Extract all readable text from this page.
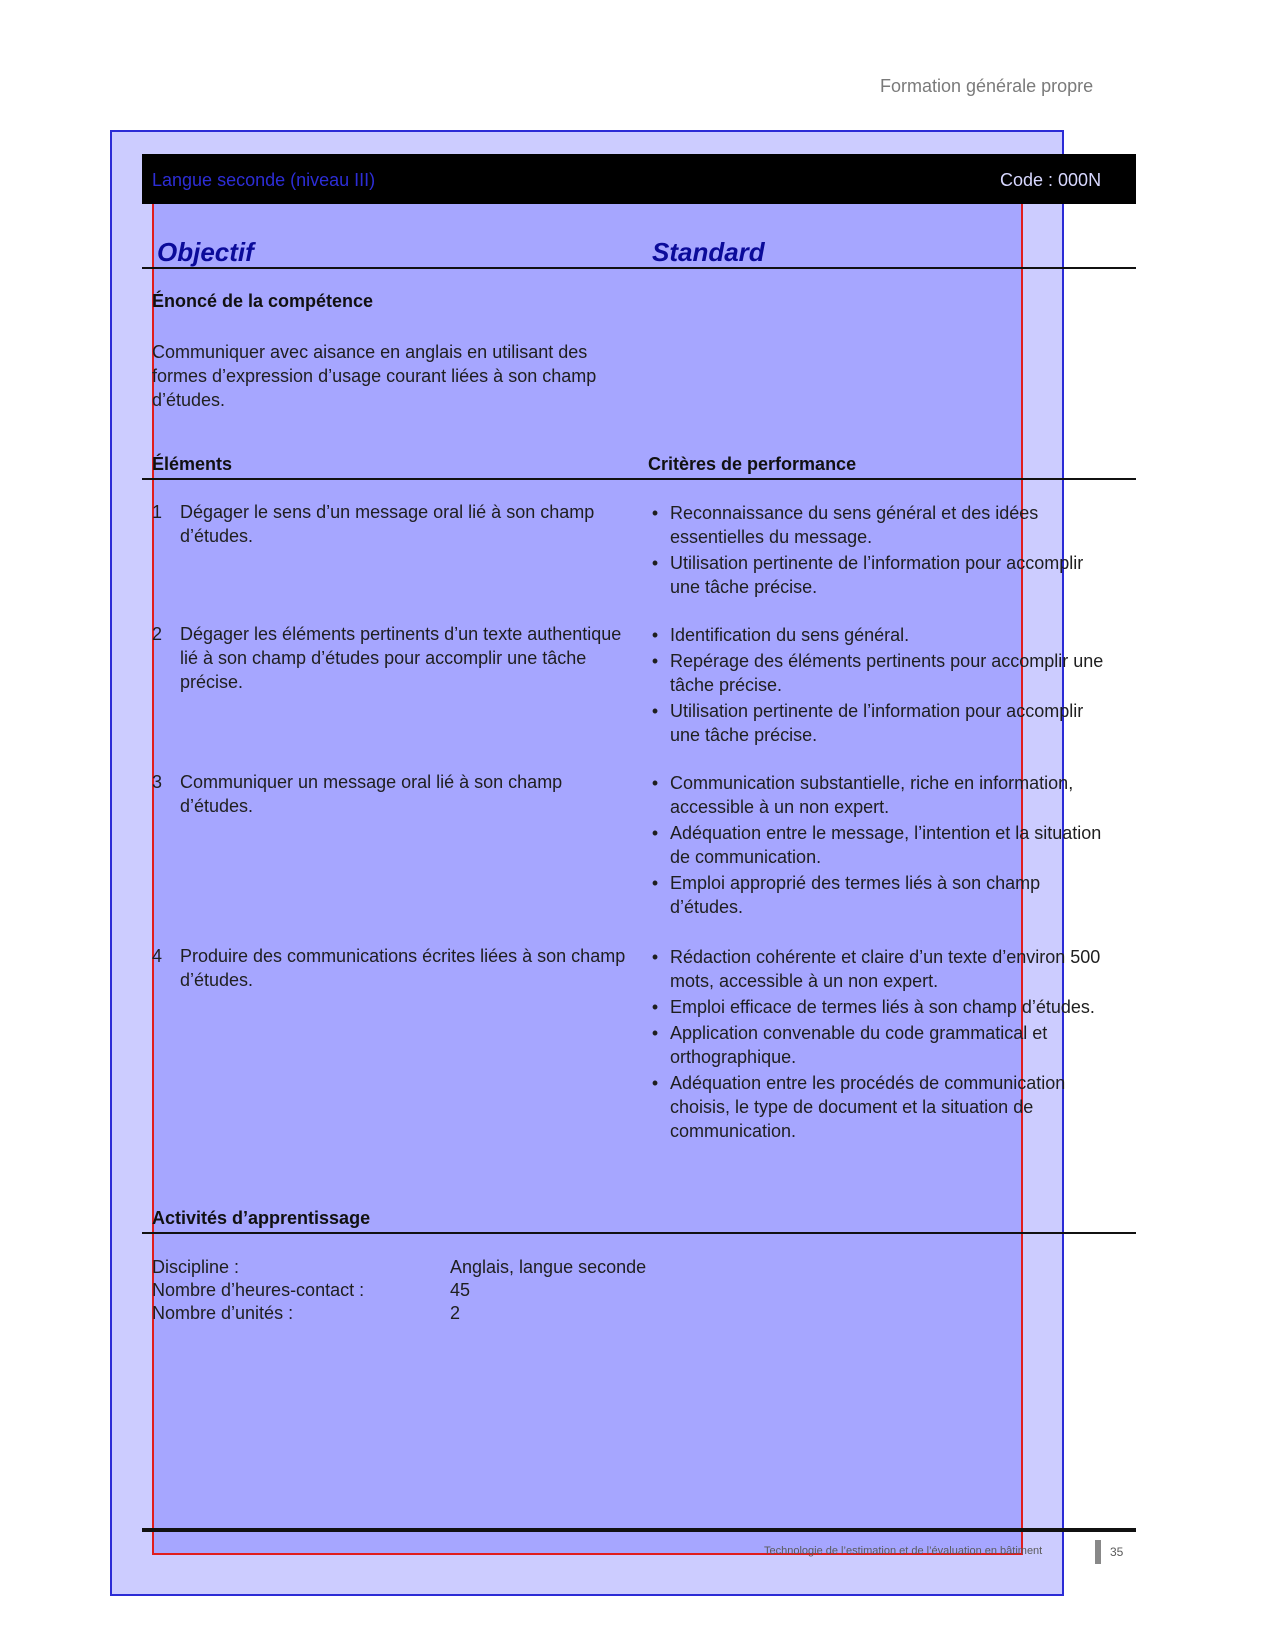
Formation générale propre
Langue seconde (niveau III)	Code : 000N
Objectif	Standard
Énoncé de la compétence
Communiquer avec aisance en anglais en utilisant des formes d’expression d’usage courant liées à son champ d’études.
Éléments	Critères de performance
1 Dégager le sens d’un message oral lié à son champ d’études.
• Reconnaissance du sens général et des idées essentielles du message.
• Utilisation pertinente de l’information pour accomplir une tâche précise.
2 Dégager les éléments pertinents d’un texte authentique lié à son champ d’études pour accomplir une tâche précise.
• Identification du sens général.
• Repérage des éléments pertinents pour accomplir une tâche précise.
• Utilisation pertinente de l’information pour accomplir une tâche précise.
3 Communiquer un message oral lié à son champ d’études.
• Communication substantielle, riche en information, accessible à un non expert.
• Adéquation entre le message, l’intention et la situation de communication.
• Emploi approprié des termes liés à son champ d’études.
4 Produire des communications écrites liées à son champ d’études.
• Rédaction cohérente et claire d’un texte d’environ 500 mots, accessible à un non expert.
• Emploi efficace de termes liés à son champ d’études.
• Application convenable du code grammatical et orthographique.
• Adéquation entre les procédés de communication choisis, le type de document et la situation de communication.
Activités d’apprentissage
Discipline :	Anglais, langue seconde
Nombre d’heures-contact :	45
Nombre d’unités :	2
Technologie de l’estimation et de l’évaluation en bâtiment	35
